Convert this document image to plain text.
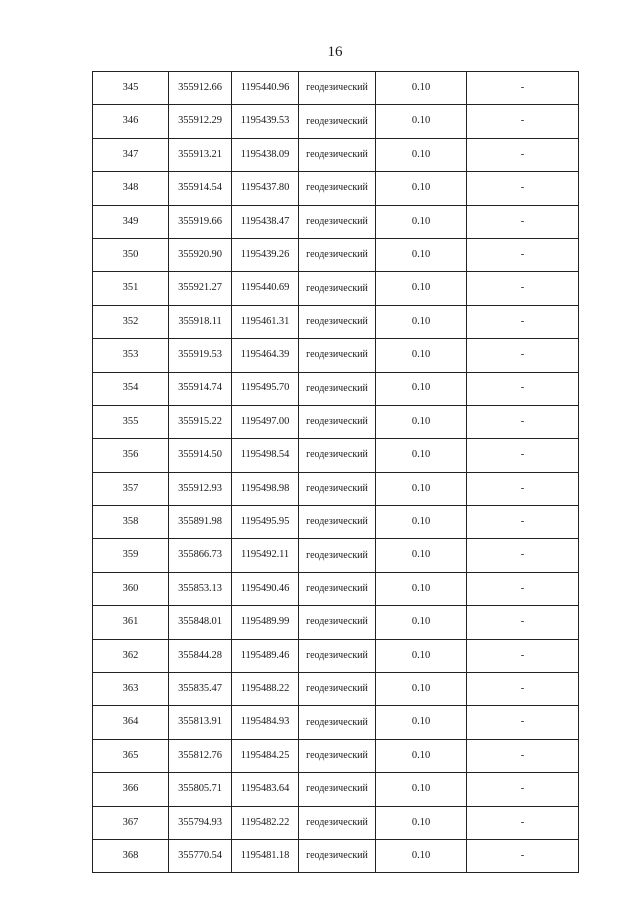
16
345	355912.66	1195440.96	геодезический	0.10	-
346	355912.29	1195439.53	геодезический	0.10	-
347	355913.21	1195438.09	геодезический	0.10	-
348	355914.54	1195437.80	геодезический	0.10	-
349	355919.66	1195438.47	геодезический	0.10	-
350	355920.90	1195439.26	геодезический	0.10	-
351	355921.27	1195440.69	геодезический	0.10	-
352	355918.11	1195461.31	геодезический	0.10	-
353	355919.53	1195464.39	геодезический	0.10	-
354	355914.74	1195495.70	геодезический	0.10	-
355	355915.22	1195497.00	геодезический	0.10	-
356	355914.50	1195498.54	геодезический	0.10	-
357	355912.93	1195498.98	геодезический	0.10	-
358	355891.98	1195495.95	геодезический	0.10	-
359	355866.73	1195492.11	геодезический	0.10	-
360	355853.13	1195490.46	геодезический	0.10	-
361	355848.01	1195489.99	геодезический	0.10	-
362	355844.28	1195489.46	геодезический	0.10	-
363	355835.47	1195488.22	геодезический	0.10	-
364	355813.91	1195484.93	геодезический	0.10	-
365	355812.76	1195484.25	геодезический	0.10	-
366	355805.71	1195483.64	геодезический	0.10	-
367	355794.93	1195482.22	геодезический	0.10	-
368	355770.54	1195481.18	геодезический	0.10	-
